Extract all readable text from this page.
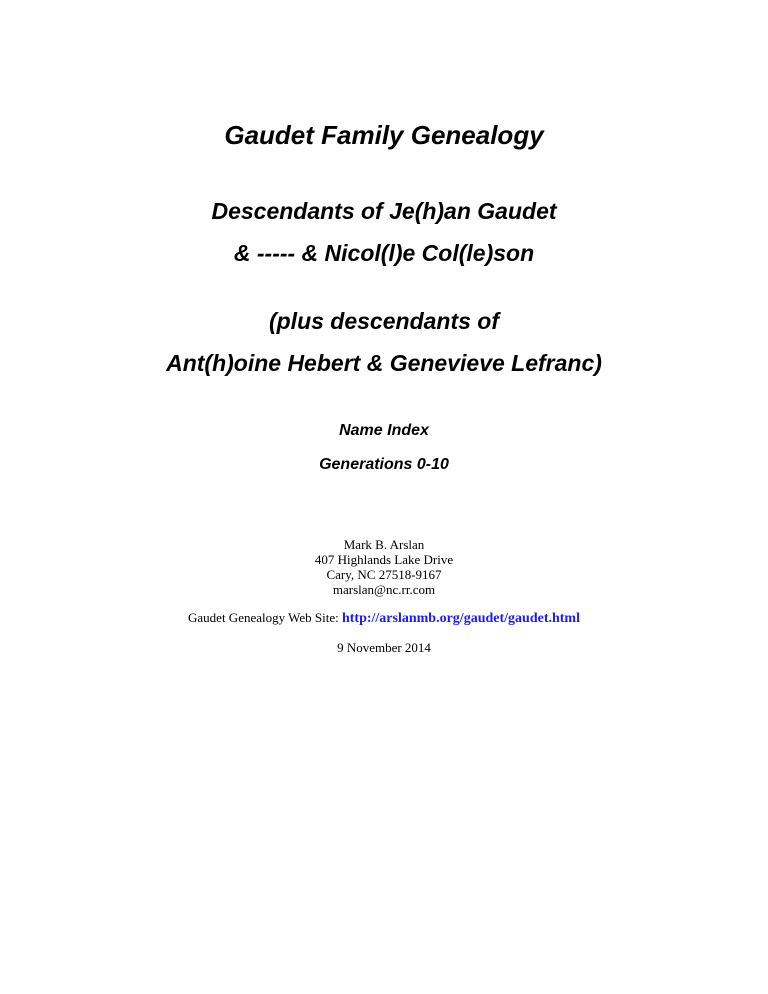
Gaudet Family Genealogy
Descendants of Je(h)an Gaudet
& ----- & Nicol(l)e Col(le)son
(plus descendants of
Ant(h)oine Hebert & Genevieve Lefranc)
Name Index
Generations 0-10
Mark B. Arslan
407 Highlands Lake Drive
Cary, NC 27518-9167
marslan@nc.rr.com
Gaudet Genealogy Web Site: http://arslanmb.org/gaudet/gaudet.html
9 November 2014
